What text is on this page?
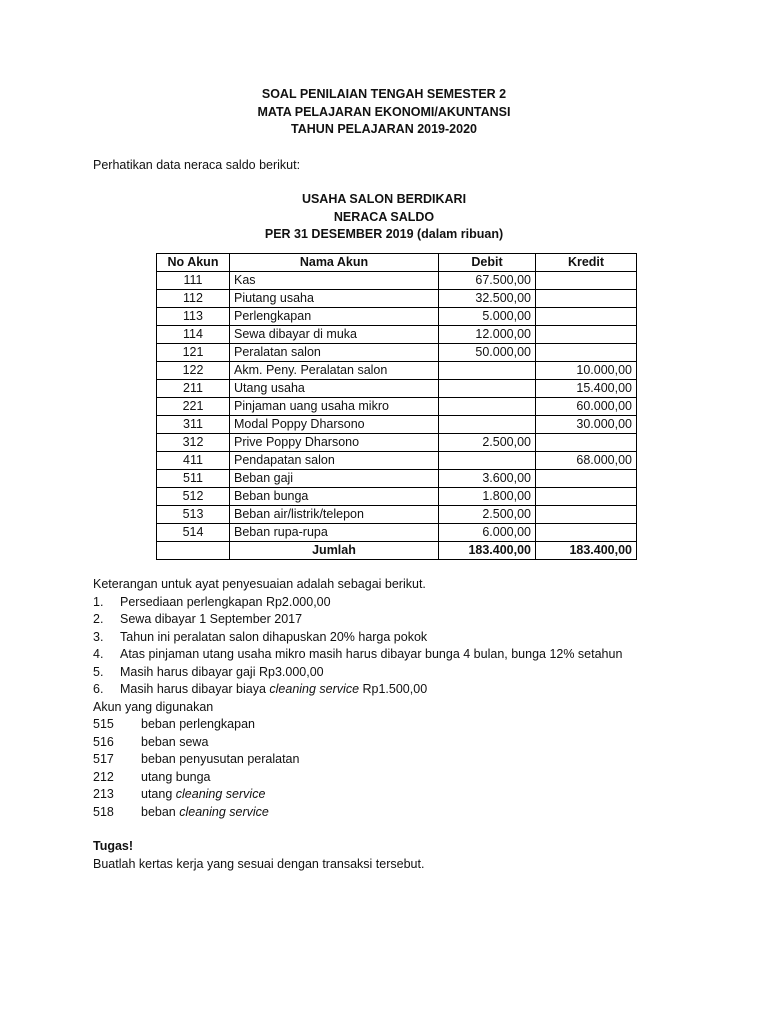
SOAL PENILAIAN TENGAH SEMESTER 2
MATA PELAJARAN EKONOMI/AKUNTANSI
TAHUN PELAJARAN 2019-2020
Perhatikan data neraca saldo berikut:
USAHA SALON BERDIKARI
NERACA SALDO
PER 31 DESEMBER 2019 (dalam ribuan)
No Akun	Nama Akun	Debit	Kredit
111	Kas	67.500,00	
112	Piutang usaha	32.500,00	
113	Perlengkapan	5.000,00	
114	Sewa dibayar di muka	12.000,00	
121	Peralatan salon	50.000,00	
122	Akm. Peny. Peralatan salon		10.000,00
211	Utang usaha		15.400,00
221	Pinjaman uang usaha mikro		60.000,00
311	Modal Poppy Dharsono		30.000,00
312	Prive Poppy Dharsono	2.500,00	
411	Pendapatan salon		68.000,00
511	Beban gaji	3.600,00	
512	Beban bunga	1.800,00	
513	Beban air/listrik/telepon	2.500,00	
514	Beban rupa-rupa	6.000,00	
	Jumlah	183.400,00	183.400,00
Keterangan untuk ayat penyesuaian adalah sebagai berikut.
1.	Persediaan perlengkapan Rp2.000,00
2.	Sewa dibayar 1 September 2017
3.	Tahun ini peralatan salon dihapuskan 20% harga pokok
4.	Atas pinjaman utang usaha mikro masih harus dibayar bunga 4 bulan, bunga 12% setahun
5.	Masih harus dibayar gaji Rp3.000,00
6.	Masih harus dibayar biaya cleaning service Rp1.500,00
Akun yang digunakan
515	beban perlengkapan
516	beban sewa
517	beban penyusutan peralatan
212	utang bunga
213	utang cleaning service
518	beban cleaning service
Tugas!
Buatlah kertas kerja yang sesuai dengan transaksi tersebut.
